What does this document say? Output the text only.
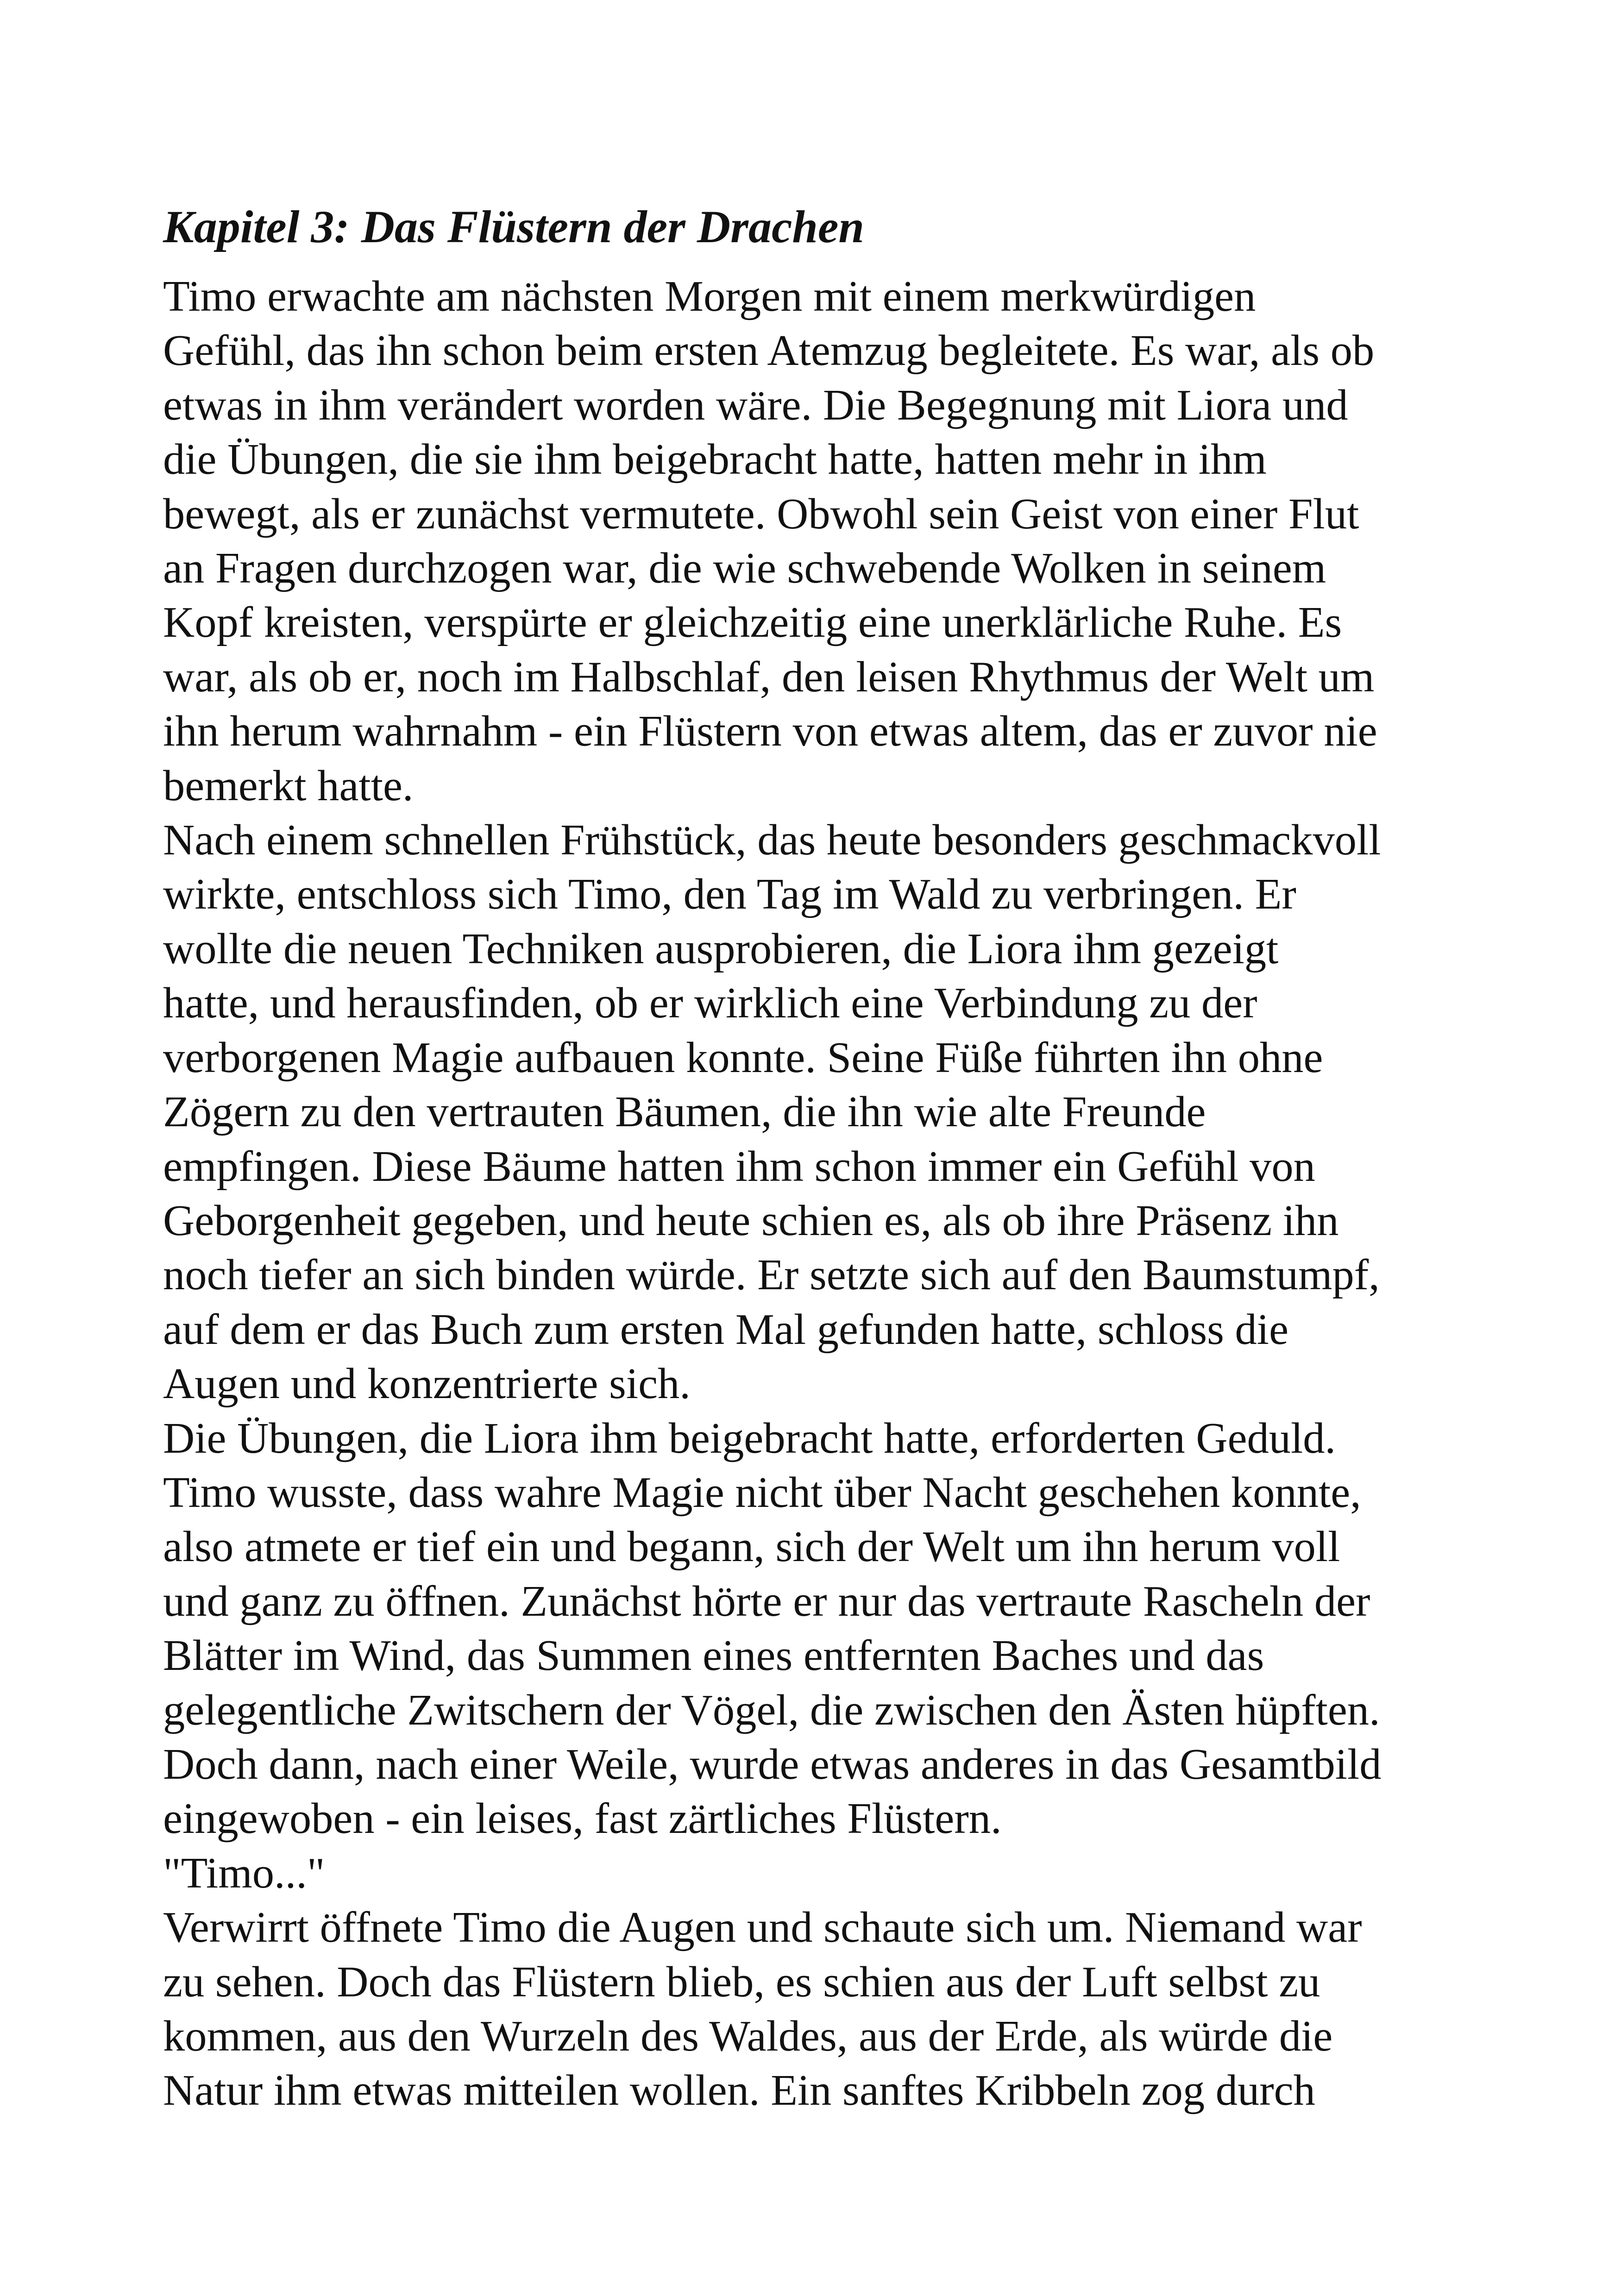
Kapitel 3: Das Flüstern der Drachen
Timo erwachte am nächsten Morgen mit einem merkwürdigen
Gefühl, das ihn schon beim ersten Atemzug begleitete. Es war, als ob
etwas in ihm verändert worden wäre. Die Begegnung mit Liora und
die Übungen, die sie ihm beigebracht hatte, hatten mehr in ihm
bewegt, als er zunächst vermutete. Obwohl sein Geist von einer Flut
an Fragen durchzogen war, die wie schwebende Wolken in seinem
Kopf kreisten, verspürte er gleichzeitig eine unerklärliche Ruhe. Es
war, als ob er, noch im Halbschlaf, den leisen Rhythmus der Welt um
ihn herum wahrnahm - ein Flüstern von etwas altem, das er zuvor nie
bemerkt hatte.
Nach einem schnellen Frühstück, das heute besonders geschmackvoll
wirkte, entschloss sich Timo, den Tag im Wald zu verbringen. Er
wollte die neuen Techniken ausprobieren, die Liora ihm gezeigt
hatte, und herausfinden, ob er wirklich eine Verbindung zu der
verborgenen Magie aufbauen konnte. Seine Füße führten ihn ohne
Zögern zu den vertrauten Bäumen, die ihn wie alte Freunde
empfingen. Diese Bäume hatten ihm schon immer ein Gefühl von
Geborgenheit gegeben, und heute schien es, als ob ihre Präsenz ihn
noch tiefer an sich binden würde. Er setzte sich auf den Baumstumpf,
auf dem er das Buch zum ersten Mal gefunden hatte, schloss die
Augen und konzentrierte sich.
Die Übungen, die Liora ihm beigebracht hatte, erforderten Geduld.
Timo wusste, dass wahre Magie nicht über Nacht geschehen konnte,
also atmete er tief ein und begann, sich der Welt um ihn herum voll
und ganz zu öffnen. Zunächst hörte er nur das vertraute Rascheln der
Blätter im Wind, das Summen eines entfernten Baches und das
gelegentliche Zwitschern der Vögel, die zwischen den Ästen hüpften.
Doch dann, nach einer Weile, wurde etwas anderes in das Gesamtbild
eingewoben - ein leises, fast zärtliches Flüstern.
"Timo..."
Verwirrt öffnete Timo die Augen und schaute sich um. Niemand war
zu sehen. Doch das Flüstern blieb, es schien aus der Luft selbst zu
kommen, aus den Wurzeln des Waldes, aus der Erde, als würde die
Natur ihm etwas mitteilen wollen. Ein sanftes Kribbeln zog durch
